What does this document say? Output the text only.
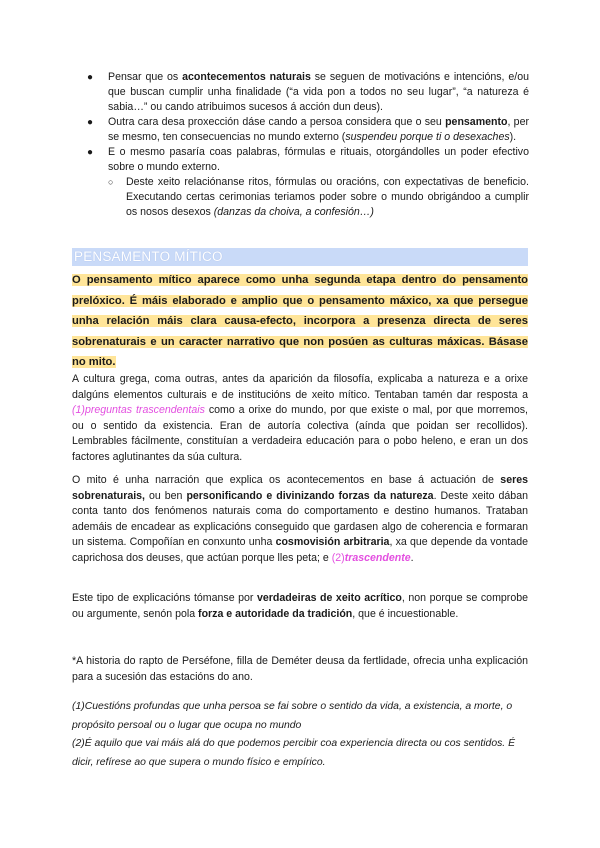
● Pensar que os acontecementos naturais se seguen de motivacións e intencións, e/ou que buscan cumplir unha finalidade (“a vida pon a todos no seu lugar”, “a natureza é sabia…” ou cando atribuimos sucesos á acción dun deus).
● Outra cara desa proxección dáse cando a persoa considera que o seu pensamento, per se mesmo, ten consecuencias no mundo externo (suspendeu porque ti o desexaches).
● E o mesmo pasaría coas palabras, fórmulas e rituais, otorgándolles un poder efectivo sobre o mundo externo.
○ Deste xeito relaciónanse ritos, fórmulas ou oracións, con expectativas de beneficio. Executando certas cerimonias teriamos poder sobre o mundo obrigándoo a cumplir os nosos desexos (danzas da choiva, a confesión…)
PENSAMENTO MÍTICO
O pensamento mítico aparece como unha segunda etapa dentro do pensamento prelóxico. É máis elaborado e amplio que o pensamento máxico, xa que persegue unha relación máis clara causa-efecto, incorpora a presenza directa de seres sobrenaturais e un caracter narrativo que non posúen as culturas máxicas. Básase no mito.
A cultura grega, coma outras, antes da aparición da filosofía, explicaba a natureza e a orixe dalgúns elementos culturais e de institucións de xeito mítico. Tentaban tamén dar resposta a (1)preguntas trascendentais como a orixe do mundo, por que existe o mal, por que morremos, ou o sentido da existencia. Eran de autoría colectiva (aínda que poidan ser recollidos). Lembrables fácilmente, constituían a verdadeira educación para o pobo heleno, e eran un dos factores aglutinantes da súa cultura.
O mito é unha narración que explica os acontecementos en base á actuación de seres sobrenaturais, ou ben personificando e divinizando forzas da natureza. Deste xeito dában conta tanto dos fenómenos naturais coma do comportamento e destino humanos. Trataban ademáis de encadear as explicacións conseguido que gardasen algo de coherencia e formaran un sistema. Compoñían en conxunto unha cosmovisión arbitraria, xa que depende da vontade caprichosa dos deuses, que actúan porque lles peta; e (2)trascendente.
Este tipo de explicacións tómanse por verdadeiras de xeito acrítico, non porque se comprobe ou argumente, senón pola forza e autoridade da tradición, que é incuestionable.
*A historia do rapto de Perséfone, filla de Deméter deusa da fertlidade, ofrecia unha explicación para a sucesión das estacións do ano.
(1)Cuestións profundas que unha persoa se fai sobre o sentido da vida, a existencia, a morte, o propósito persoal ou o lugar que ocupa no mundo
(2)É aquilo que vai máis alá do que podemos percibir coa experiencia directa ou cos sentidos. É dicir, refírese ao que supera o mundo físico e empírico.
